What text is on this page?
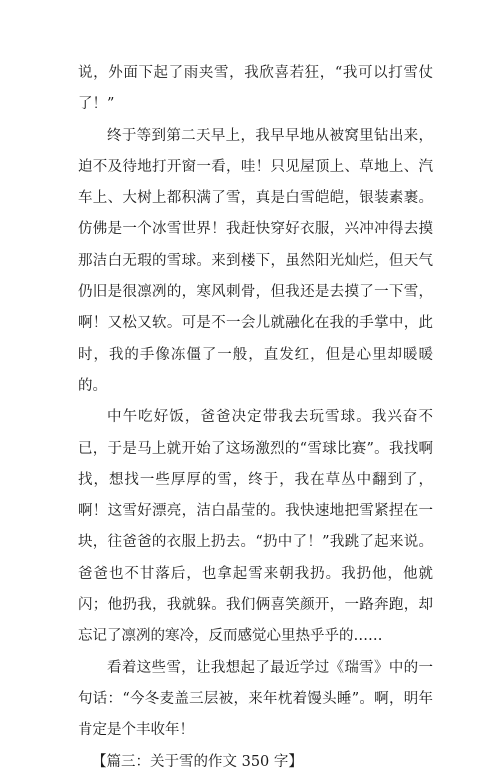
说，外面下起了雨夹雪，我欣喜若狂，“我可以打雪仗了！”

终于等到第二天早上，我早早地从被窝里钻出来，迫不及待地打开窗一看，哇！只见屋顶上、草地上、汽车上、大树上都积满了雪，真是白雪皑皑，银装素裹。仿佛是一个冰雪世界！我赶快穿好衣服，兴冲冲得去摸那洁白无瑕的雪球。来到楼下，虽然阳光灿烂，但天气仍旧是很凛冽的，寒风刺骨，但我还是去摸了一下雪，啊！又松又软。可是不一会儿就融化在我的手掌中，此时，我的手像冻僵了一般，直发红，但是心里却暖暖的。

中午吃好饭，爸爸决定带我去玩雪球。我兴奋不已，于是马上就开始了这场激烈的“雪球比赛”。我找啊找，想找一些厚厚的雪，终于，我在草丛中翻到了，啊！这雪好漂亮，洁白晶莹的。我快速地把雪紧捏在一块，往爸爸的衣服上扔去。“扔中了！”我跳了起来说。爸爸也不甘落后，也拿起雪来朝我扔。我扔他，他就闪；他扔我，我就躲。我们俩喜笑颜开，一路奔跑，却忘记了凛冽的寒冷，反而感觉心里热乎乎的……

看着这些雪，让我想起了最近学过《瑞雪》中的一句话：“今冬麦盖三层被，来年枕着馒头睡”。啊，明年肯定是个丰收年！

【篇三：关于雪的作文 350 字】
